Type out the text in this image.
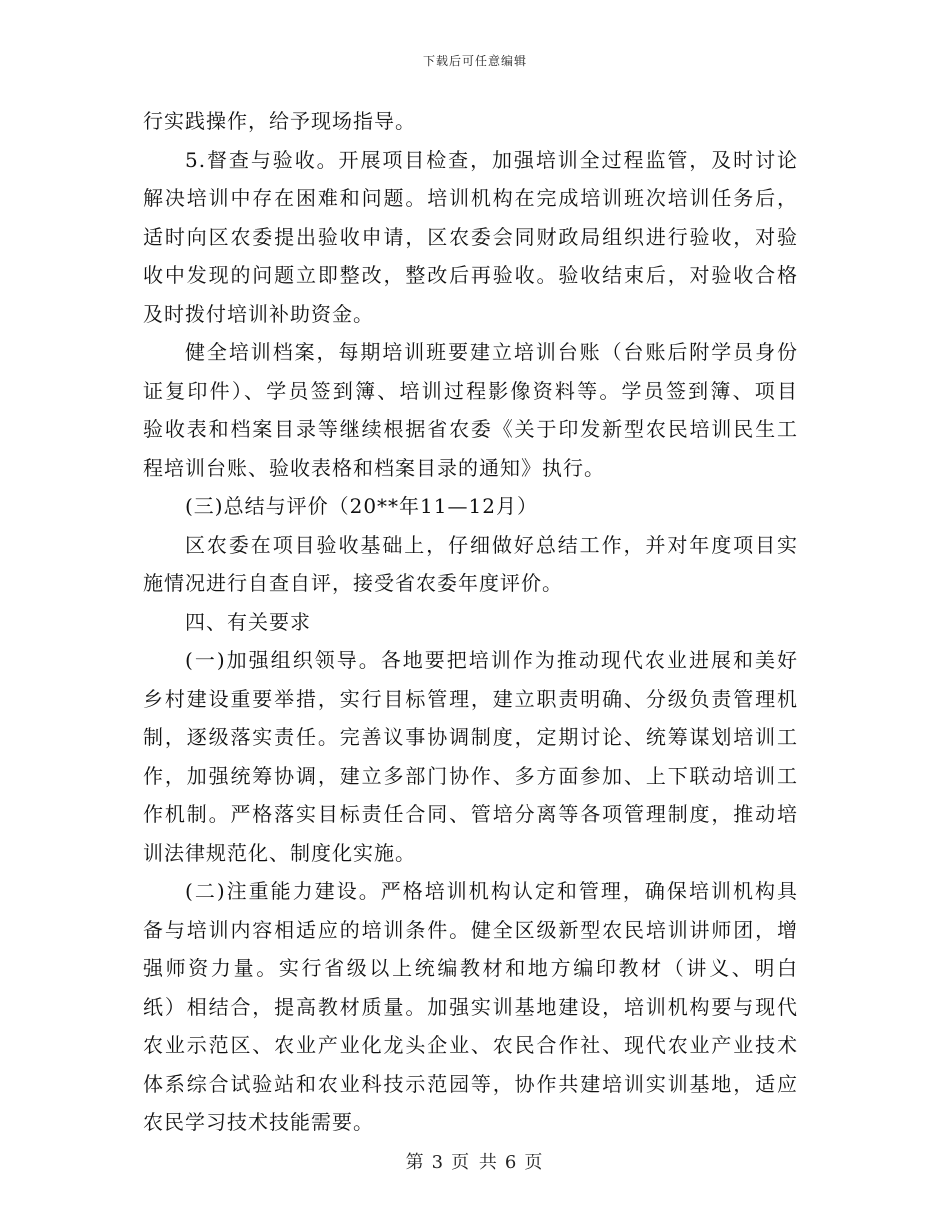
下载后可任意编辑
行实践操作，给予现场指导。
5.督查与验收。开展项目检查，加强培训全过程监管，及时讨论
解决培训中存在困难和问题。培训机构在完成培训班次培训任务后，
适时向区农委提出验收申请，区农委会同财政局组织进行验收，对验
收中发现的问题立即整改，整改后再验收。验收结束后，对验收合格
及时拨付培训补助资金。
健全培训档案，每期培训班要建立培训台账（台账后附学员身份
证复印件）、学员签到簿、培训过程影像资料等。学员签到簿、项目
验收表和档案目录等继续根据省农委《关于印发新型农民培训民生工
程培训台账、验收表格和档案目录的通知》执行。
(三)总结与评价（20**年11—12月）
区农委在项目验收基础上，仔细做好总结工作，并对年度项目实
施情况进行自查自评，接受省农委年度评价。
四、有关要求
(一)加强组织领导。各地要把培训作为推动现代农业进展和美好
乡村建设重要举措，实行目标管理，建立职责明确、分级负责管理机
制，逐级落实责任。完善议事协调制度，定期讨论、统筹谋划培训工
作，加强统筹协调，建立多部门协作、多方面参加、上下联动培训工
作机制。严格落实目标责任合同、管培分离等各项管理制度，推动培
训法律规范化、制度化实施。
(二)注重能力建设。严格培训机构认定和管理，确保培训机构具
备与培训内容相适应的培训条件。健全区级新型农民培训讲师团，增
强师资力量。实行省级以上统编教材和地方编印教材（讲义、明白
纸）相结合，提高教材质量。加强实训基地建设，培训机构要与现代
农业示范区、农业产业化龙头企业、农民合作社、现代农业产业技术
体系综合试验站和农业科技示范园等，协作共建培训实训基地，适应
农民学习技术技能需要。
第 3 页 共 6 页
